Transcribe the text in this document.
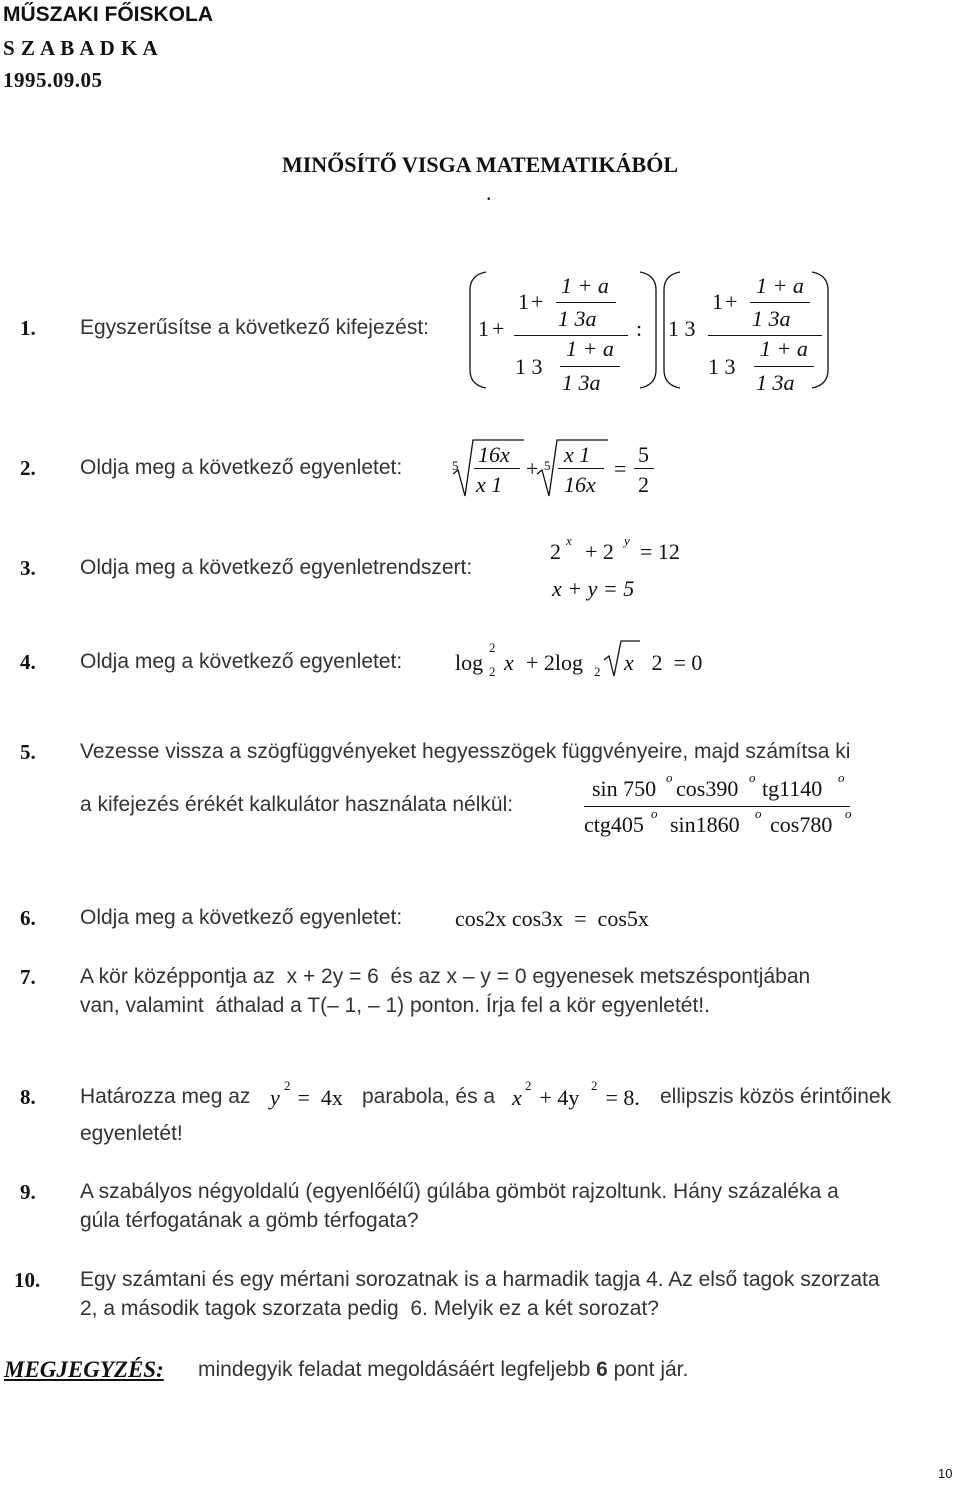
MŰSZAKI FŐISKOLA
S Z A B A D K A
1995.09.05
MINŐSÍTŐ VISGA MATEMATIKÁBÓL
.
1. Egyszerűsítse a következő kifejezést: 1 +
1 +
1 + a
1 3a
1 3
1 + a
1 3a
: 1 3
1 +
1 + a
1 3a
1 3
1 + a
1 3a
2. Oldja meg a következő egyenletet:	5 16x
x 1
+ 5 x 1
16x
=
5
2
3. Oldja meg a következő egyenletrendszert:
2 x + 2 y = 12
x + y = 5
4. Oldja meg a következő egyenletet: log
2
2 x + 2log 2 x 2  = 0
5. Vezesse vissza a szögfüggvényeket hegyesszögek függvényeire, majd számítsa ki
a kifejezés érékét kalkulátor használata nélkül:
sin 750 o cos390 o tg1140 o
ctg405 o sin1860 o cos780 o
6. Oldja meg a következő egyenletet: cos2x cos3x  =  cos5x
7. A kör középpontja az  x + 2y = 6  és az x – y = 0 egyenesek metszéspontjában
van, valamint  áthalad a T(– 1, – 1) ponton. Írja fel a kör egyenletét!.
8. Határozza meg az y 2 =  4x parabola, és a x 2 + 4y 2 = 8. ellipszis közös érintőinek
egyenletét!
9. A szabályos négyoldalú (egyenlőélű) gúlába gömböt rajzoltunk. Hány százaléka a
gúla térfogatának a gömb térfogata?
10. Egy számtani és egy mértani sorozatnak is a harmadik tagja 4. Az első tagok szorzata
2, a második tagok szorzata pedig  6. Melyik ez a két sorozat?
MEGJEGYZÉS: mindegyik feladat megoldásáért legfeljebb 6 pont jár.
10
